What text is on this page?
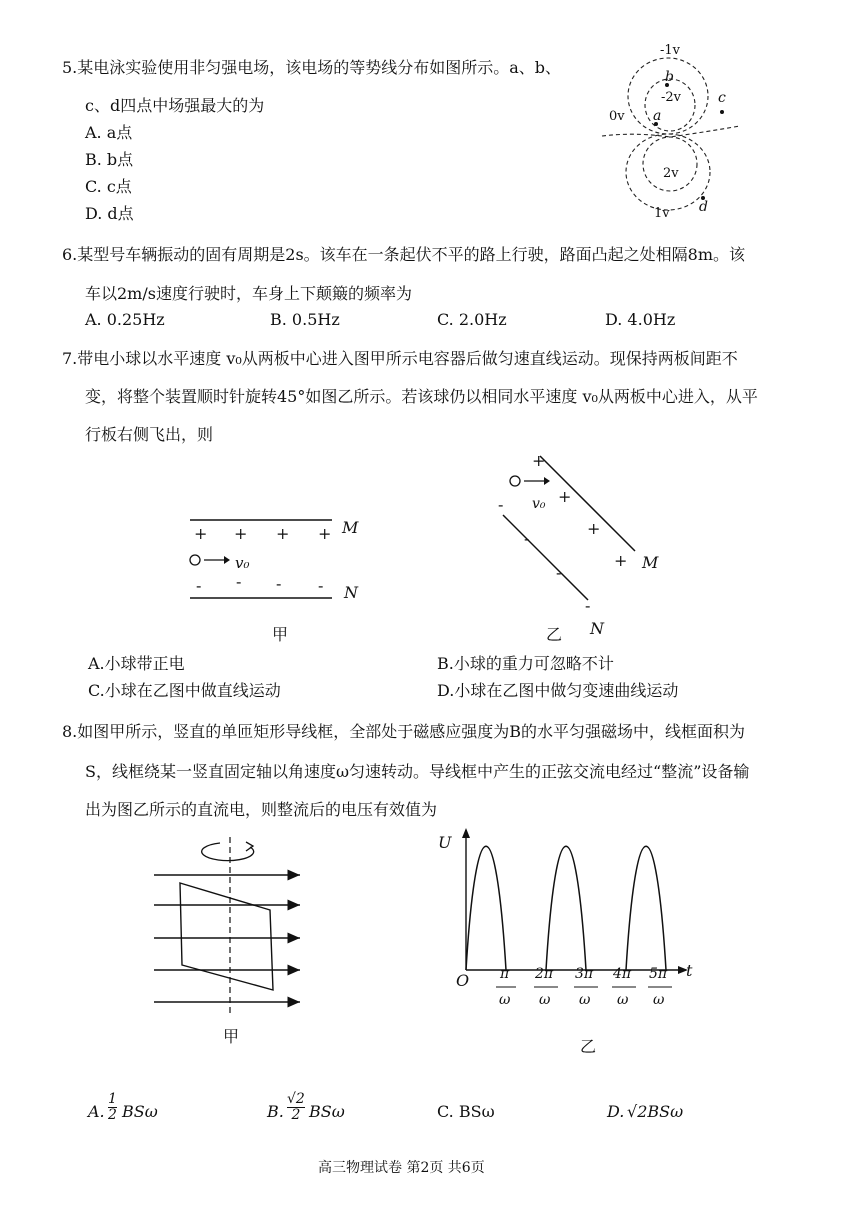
5.某电泳实验使用非匀强电场，该电场的等势线分布如图所示。a、b、
c、d四点中场强最大的为
A. a点
B. b点
C. c点
D. d点
-1v
b
-2v	c
0v a
2v
1v d
6.某型号车辆振动的固有周期是2s。该车在一条起伏不平的路上行驶，路面凸起之处相隔8m。该
车以2m/s速度行驶时，车身上下颠簸的频率为
A. 0.25Hz	B. 0.5Hz	C. 2.0Hz	D. 4.0Hz
7.带电小球以水平速度 v₀从两板中心进入图甲所示电容器后做匀速直线运动。现保持两板间距不
变，将整个装置顺时针旋转45°如图乙所示。若该球仍以相同水平速度 v₀从两板中心进入，从平
行板右侧飞出，则
+ + + +
- - - -
M
N
v₀
甲
+
+
+
+
-
-
-
-
M
N
v₀
乙
A.小球带正电	B.小球的重力可忽略不计
C.小球在乙图中做直线运动	D.小球在乙图中做匀变速曲线运动
8.如图甲所示，竖直的单匝矩形导线框，全部处于磁感应强度为B的水平匀强磁场中，线框面积为
S，线框绕某一竖直固定轴以角速度ω匀速转动。导线框中产生的正弦交流电经过“整流”设备输
出为图乙所示的直流电，则整流后的电压有效值为
甲
U
t
O π
ω
2π
ω
3π
ω
4π
ω
5π
ω
乙
A.
1
2 BSω	B.
√2
2 BSω	C. BSω	D. √2BSω
高三物理试卷 第2页 共6页
